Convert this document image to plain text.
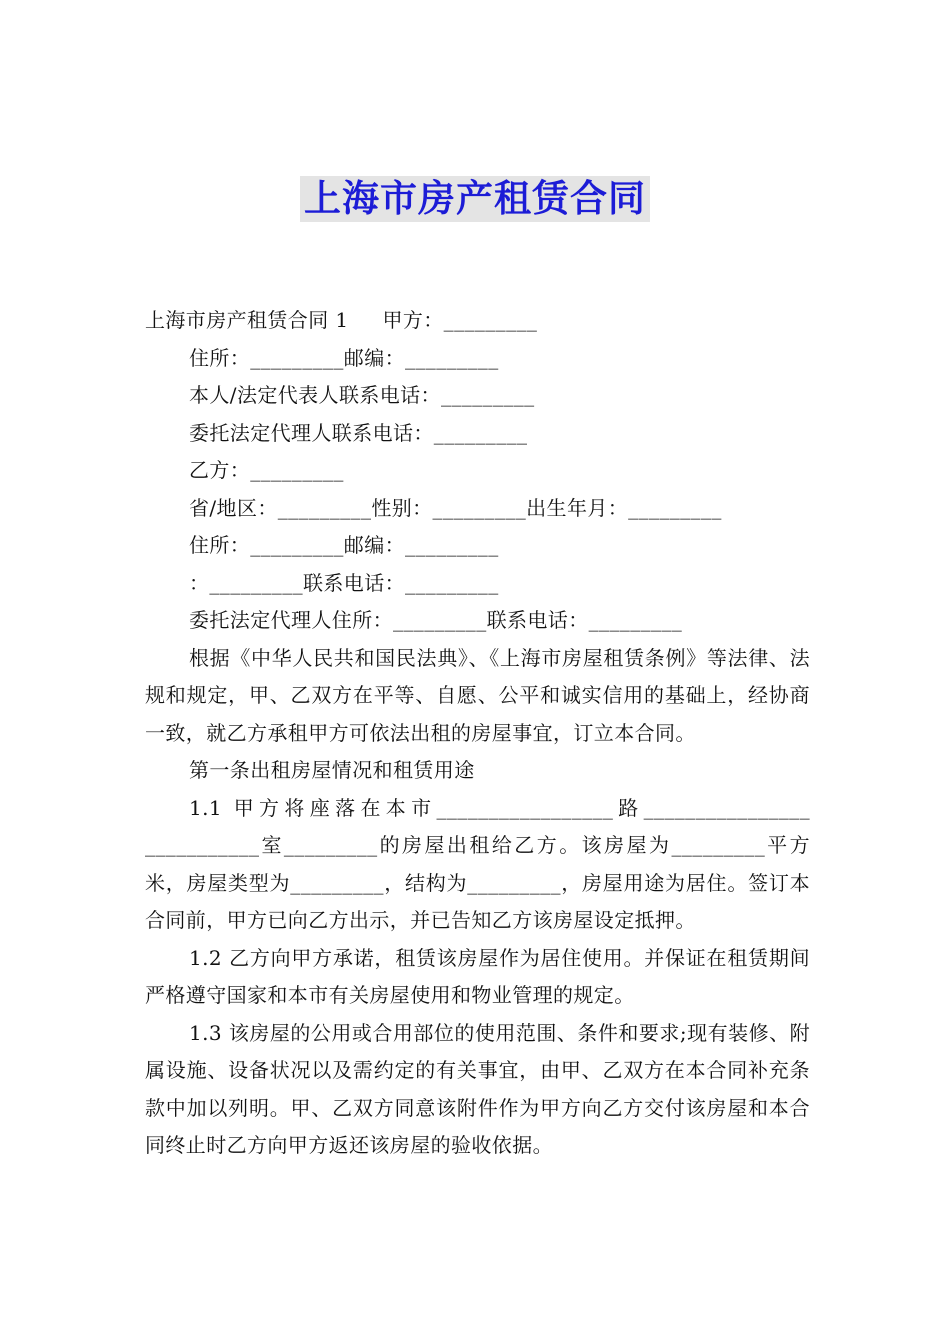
上海市房产租赁合同
上海市房产租赁合同 1 甲方：_________
住所：_________邮编：_________
本人/法定代表人联系电话：_________
委托法定代理人联系电话：_________
乙方：_________
省/地区：_________性别：_________出生年月：_________
住所：_________邮编：_________
：_________联系电话：_________
委托法定代理人住所：_________联系电话：_________
根据《中华人民共和国民法典》、《上海市房屋租赁条例》等法律、法规和规定，甲、乙双方在平等、自愿、公平和诚实信用的基础上，经协商一致，就乙方承租甲方可依法出租的房屋事宜，订立本合同。
第一条出租房屋情况和租赁用途
1.1 甲方将座落在本市_________________路________________ ___________室_________的房屋出租给乙方。该房屋为_________平方米，房屋类型为_________，结构为_________，房屋用途为居住。签订本合同前，甲方已向乙方出示，并已告知乙方该房屋设定抵押。
1.2 乙方向甲方承诺，租赁该房屋作为居住使用。并保证在租赁期间严格遵守国家和本市有关房屋使用和物业管理的规定。
1.3 该房屋的公用或合用部位的使用范围、条件和要求;现有装修、附属设施、设备状况以及需约定的有关事宜，由甲、乙双方在本合同补充条款中加以列明。甲、乙双方同意该附件作为甲方向乙方交付该房屋和本合同终止时乙方向甲方返还该房屋的验收依据。
